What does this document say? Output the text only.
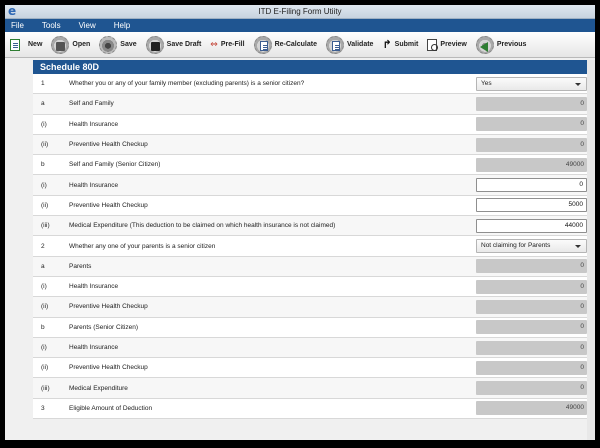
e	ITD E-Filing Form Utiity
File Tools View Help
New	Open	Save	Save Draft ⇔ Pre-Fill	Re-Calculate	Validate ↱ Submit	Preview	Previous
Schedule 80D
1	Whether you or any of your family member (excluding parents) is a senior citizen?	Yes
a	Self and Family	0
(i)	Health Insurance	0
(ii)	Preventive Health Checkup	0
b	Self and Family (Senior Citizen)	49000
(i)	Health Insurance	0
(ii)	Preventive Health Checkup	5000
(iii)	Medical Expenditure (This deduction to be claimed on which health insurance is not claimed)	44000
2	Whether any one of your parents is a senior citizen	Not claiming for Parents
a	Parents	0
(i)	Health Insurance	0
(ii)	Preventive Health Checkup	0
b	Parents (Senior Citizen)	0
(i)	Health Insurance	0
(ii)	Preventive Health Checkup	0
(iii)	Medical Expenditure	0
3	Eligible Amount of Deduction	49000
